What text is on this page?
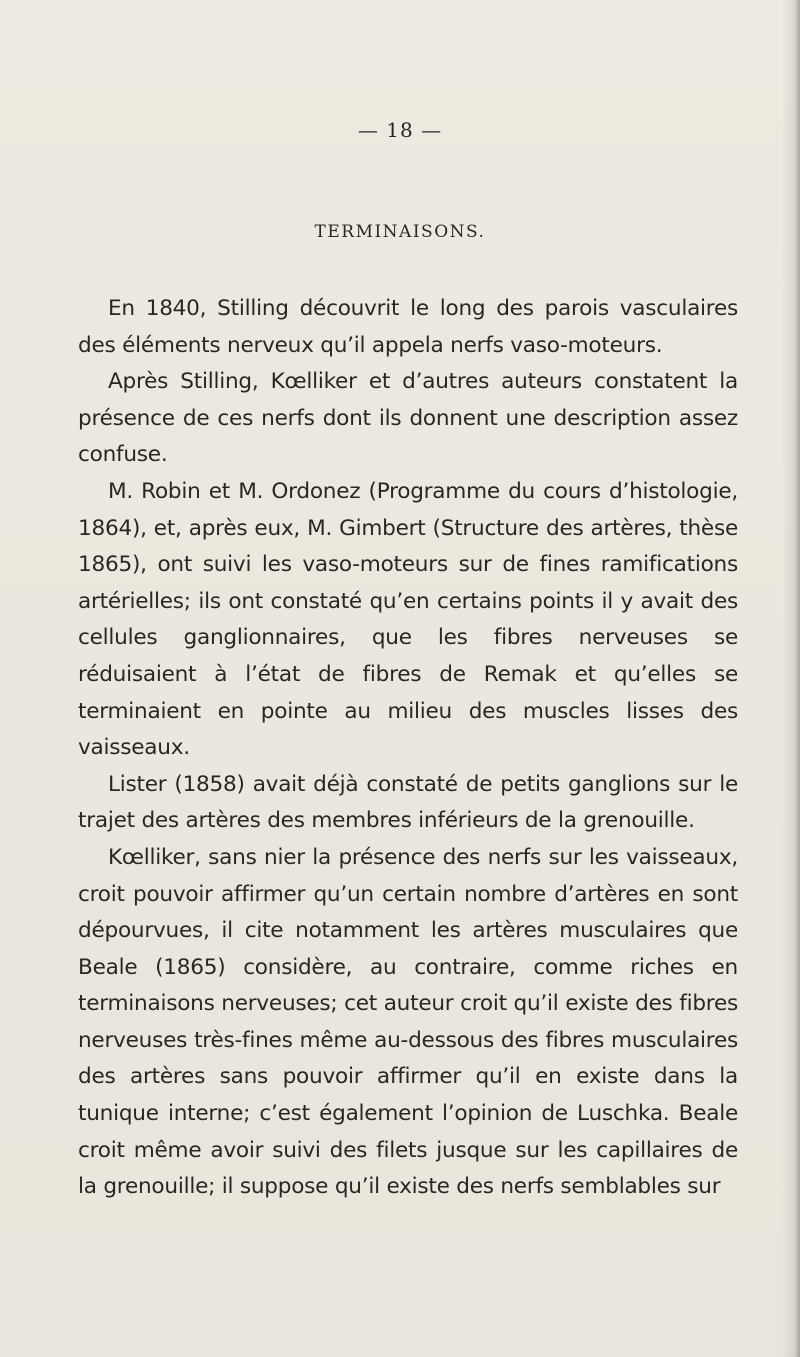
— 18 —
TERMINAISONS.

En 1840, Stilling découvrit le long des parois vasculaires des éléments nerveux qu’il appela nerfs vaso-moteurs.

Après Stilling, Kœlliker et d’autres auteurs constatent la présence de ces nerfs dont ils donnent une description assez confuse.

M. Robin et M. Ordonez (Programme du cours d’histologie, 1864), et, après eux, M. Gimbert (Structure des artères, thèse 1865), ont suivi les vaso-moteurs sur de fines ramifications artérielles; ils ont constaté qu’en certains points il y avait des cellules ganglionnaires, que les fibres nerveuses se réduisaient à l’état de fibres de Remak et qu’elles se terminaient en pointe au milieu des muscles lisses des vaisseaux.

Lister (1858) avait déjà constaté de petits ganglions sur le trajet des artères des membres inférieurs de la grenouille.

Kœlliker, sans nier la présence des nerfs sur les vaisseaux, croit pouvoir affirmer qu’un certain nombre d’artères en sont dépourvues, il cite notamment les artères musculaires que Beale (1865) considère, au contraire, comme riches en terminaisons nerveuses; cet auteur croit qu’il existe des fibres nerveuses très-fines même au-dessous des fibres musculaires des artères sans pouvoir affirmer qu’il en existe dans la tunique interne; c’est également l’opinion de Luschka. Beale croit même avoir suivi des filets jusque sur les capillaires de la grenouille; il suppose qu’il existe des nerfs semblables sur
